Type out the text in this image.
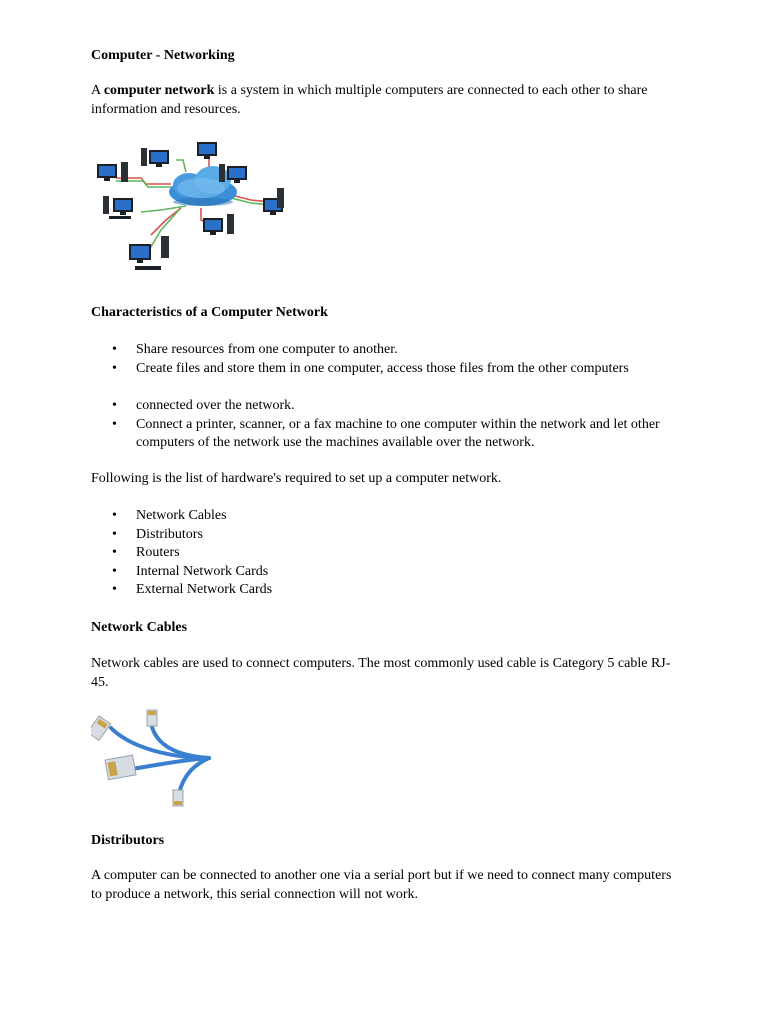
Computer - Networking

A computer network is a system in which multiple computers are connected to each other to share information and resources.

Characteristics of a Computer Network

• Share resources from one computer to another.
• Create files and store them in one computer, access those files from the other computers
• connected over the network.
• Connect a printer, scanner, or a fax machine to one computer within the network and let other computers of the network use the machines available over the network.

Following is the list of hardware's required to set up a computer network.

• Network Cables
• Distributors
• Routers
• Internal Network Cards
• External Network Cards

Network Cables

Network cables are used to connect computers. The most commonly used cable is Category 5 cable RJ-45.

Distributors

A computer can be connected to another one via a serial port but if we need to connect many computers to produce a network, this serial connection will not work.
